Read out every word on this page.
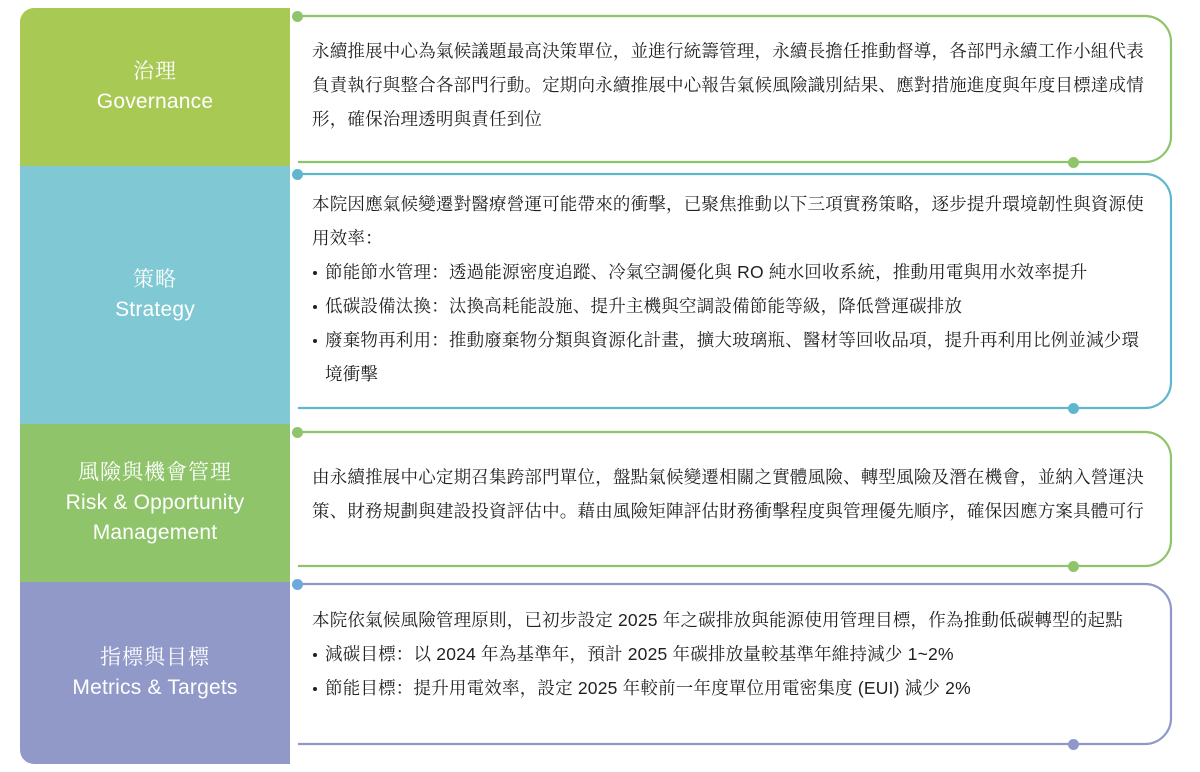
治理
Governance
策略
Strategy
風險與機會管理
Risk & Opportunity Management
指標與目標
Metrics & Targets

永續推展中心為氣候議題最高決策單位，並進行統籌管理，永續長擔任推動督導，各部門永續工作小組代表負責執行與整合各部門行動。定期向永續推展中心報告氣候風險識別結果、應對措施進度與年度目標達成情形，確保治理透明與責任到位

本院因應氣候變遷對醫療營運可能帶來的衝擊，已聚焦推動以下三項實務策略，逐步提升環境韌性與資源使用效率：

節能節水管理：透過能源密度追蹤、冷氣空調優化與 RO 純水回收系統，推動用電與用水效率提升
低碳設備汰換：汰換高耗能設施、提升主機與空調設備節能等級，降低營運碳排放
廢棄物再利用：推動廢棄物分類與資源化計畫，擴大玻璃瓶、醫材等回收品項，提升再利用比例並減少環境衝擊

由永續推展中心定期召集跨部門單位，盤點氣候變遷相關之實體風險、轉型風險及潛在機會，並納入營運決策、財務規劃與建設投資評估中。藉由風險矩陣評估財務衝擊程度與管理優先順序，確保因應方案具體可行

本院依氣候風險管理原則，已初步設定 2025 年之碳排放與能源使用管理目標，作為推動低碳轉型的起點

減碳目標：以 2024 年為基準年，預計 2025 年碳排放量較基準年維持減少 1~2%
節能目標：提升用電效率，設定 2025 年較前一年度單位用電密集度 (EUI) 減少 2%
